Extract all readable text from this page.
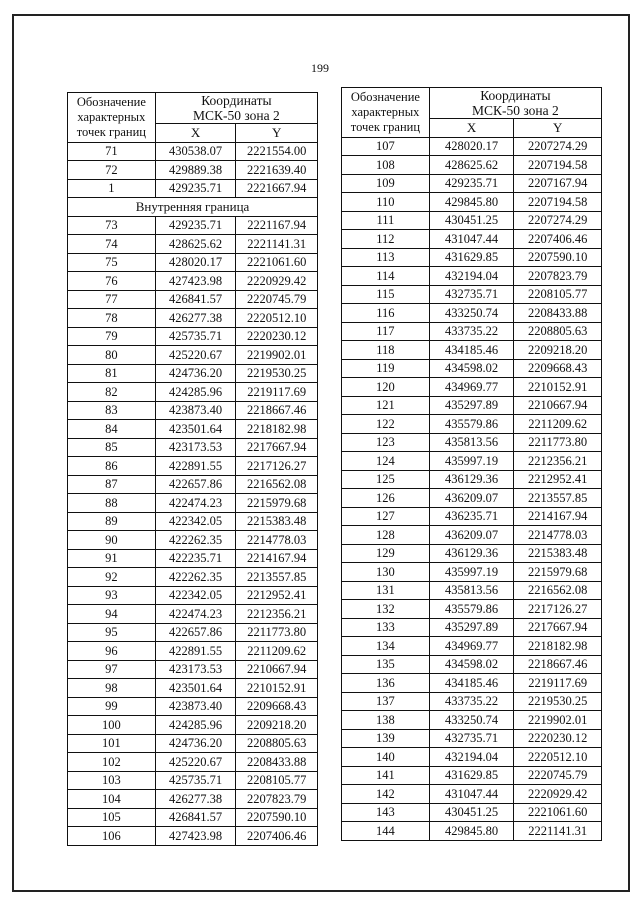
199
Обозначение
характерных
точек границ	Координаты
МСК-50 зона 2	
	X	Y
71	430538.07	2221554.00
72	429889.38	2221639.40
1	429235.71	2221667.94
Внутренняя граница		
73	429235.71	2221167.94
74	428625.62	2221141.31
75	428020.17	2221061.60
76	427423.98	2220929.42
77	426841.57	2220745.79
78	426277.38	2220512.10
79	425735.71	2220230.12
80	425220.67	2219902.01
81	424736.20	2219530.25
82	424285.96	2219117.69
83	423873.40	2218667.46
84	423501.64	2218182.98
85	423173.53	2217667.94
86	422891.55	2217126.27
87	422657.86	2216562.08
88	422474.23	2215979.68
89	422342.05	2215383.48
90	422262.35	2214778.03
91	422235.71	2214167.94
92	422262.35	2213557.85
93	422342.05	2212952.41
94	422474.23	2212356.21
95	422657.86	2211773.80
96	422891.55	2211209.62
97	423173.53	2210667.94
98	423501.64	2210152.91
99	423873.40	2209668.43
100	424285.96	2209218.20
101	424736.20	2208805.63
102	425220.67	2208433.88
103	425735.71	2208105.77
104	426277.38	2207823.79
105	426841.57	2207590.10
106	427423.98	2207406.46
Обозначение
характерных
точек границ	Координаты
МСК-50 зона 2	
	X	Y
107	428020.17	2207274.29
108	428625.62	2207194.58
109	429235.71	2207167.94
110	429845.80	2207194.58
111	430451.25	2207274.29
112	431047.44	2207406.46
113	431629.85	2207590.10
114	432194.04	2207823.79
115	432735.71	2208105.77
116	433250.74	2208433.88
117	433735.22	2208805.63
118	434185.46	2209218.20
119	434598.02	2209668.43
120	434969.77	2210152.91
121	435297.89	2210667.94
122	435579.86	2211209.62
123	435813.56	2211773.80
124	435997.19	2212356.21
125	436129.36	2212952.41
126	436209.07	2213557.85
127	436235.71	2214167.94
128	436209.07	2214778.03
129	436129.36	2215383.48
130	435997.19	2215979.68
131	435813.56	2216562.08
132	435579.86	2217126.27
133	435297.89	2217667.94
134	434969.77	2218182.98
135	434598.02	2218667.46
136	434185.46	2219117.69
137	433735.22	2219530.25
138	433250.74	2219902.01
139	432735.71	2220230.12
140	432194.04	2220512.10
141	431629.85	2220745.79
142	431047.44	2220929.42
143	430451.25	2221061.60
144	429845.80	2221141.31
